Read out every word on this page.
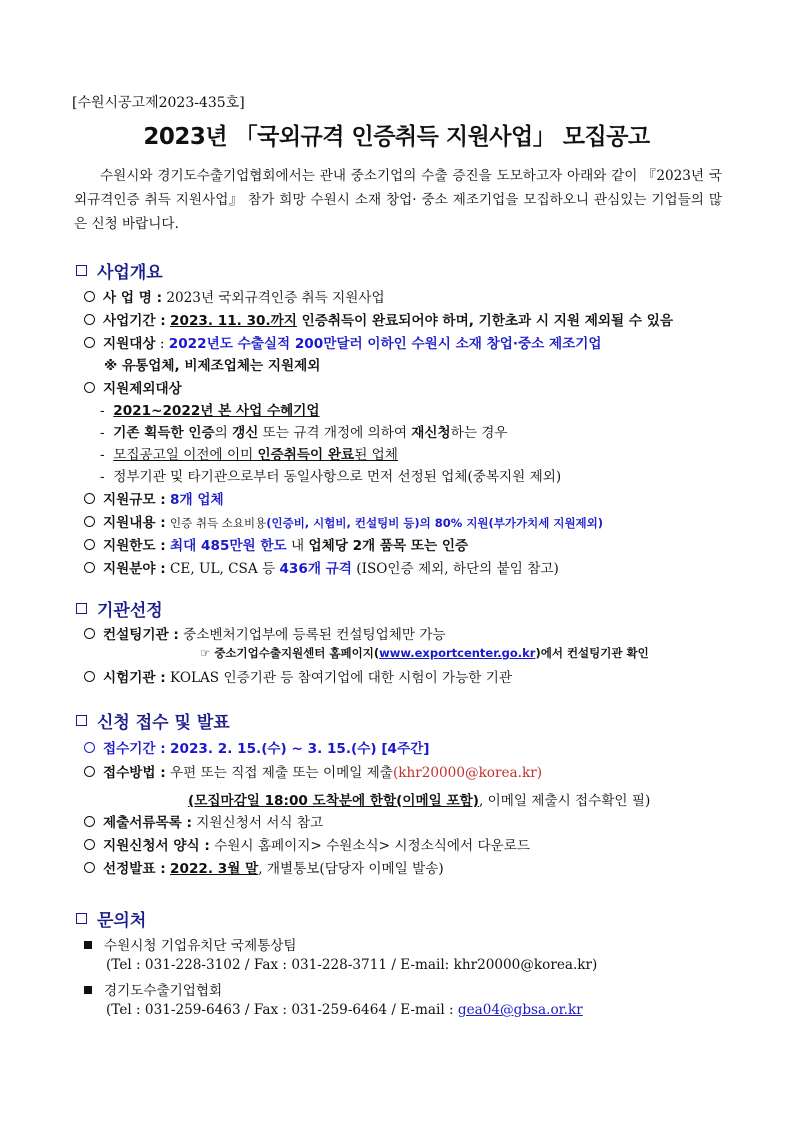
[수원시공고제2023-435호]
2023년 「국외규격 인증취득 지원사업」 모집공고
수원시와 경기도수출기업협회에서는 관내 중소기업의 수출 증진을 도모하고자 아래와 같이 『2023년 국외규격인증 취득 지원사업』 참가 희망 수원시 소재 창업· 중소 제조기업을 모집하오니 관심있는 기업들의 많은 신청 바랍니다.
사업개요
사 업 명 : 2023년 국외규격인증 취득 지원사업
사업기간 : 2023. 11. 30.까지 인증취득이 완료되어야 하며, 기한초과 시 지원 제외될 수 있음
지원대상 : 2022년도 수출실적 200만달러 이하인 수원시 소재 창업·중소 제조기업
※ 유통업체, 비제조업체는 지원제외
지원제외대상
-  2021~2022년 본 사업 수혜기업
-  기존 획득한 인증의 갱신 또는 규격 개정에 의하여 재신청하는 경우
-  모집공고일 이전에 이미 인증취득이 완료된 업체
-  정부기관 및 타기관으로부터 동일사항으로 먼저 선정된 업체(중복지원 제외)
지원규모 : 8개 업체
지원내용 : 인증 취득 소요비용(인증비, 시험비, 컨설팅비 등)의 80% 지원(부가가치세 지원제외)
지원한도 : 최대 485만원 한도 내 업체당 2개 품목 또는 인증
지원분야 : CE, UL, CSA 등 436개 규격 (ISO인증 제외, 하단의 붙임 참고)
기관선정
컨설팅기관 : 중소벤처기업부에 등록된 컨설팅업체만 가능
☞ 중소기업수출지원센터 홈페이지(www.exportcenter.go.kr)에서 컨설팅기관 확인
시험기관 : KOLAS 인증기관 등 참여기업에 대한 시험이 가능한 기관
신청 접수 및 발표
접수기간 : 2023. 2. 15.(수) ~ 3. 15.(수) [4주간]
접수방법 : 우편 또는 직접 제출 또는 이메일 제출(khr20000@korea.kr)
(모집마감일 18:00 도착분에 한함(이메일 포함), 이메일 제출시 접수확인 필)
제출서류목록 : 지원신청서 서식 참고
지원신청서 양식 : 수원시 홈페이지> 수원소식> 시정소식에서 다운로드
선정발표 : 2022. 3월 말, 개별통보(담당자 이메일 발송)
문의처
수원시청 기업유치단 국제통상팀
(Tel : 031-228-3102 / Fax : 031-228-3711 / E-mail: khr20000@korea.kr)
경기도수출기업협회
(Tel : 031-259-6463 / Fax : 031-259-6464 / E-mail : gea04@gbsa.or.kr
